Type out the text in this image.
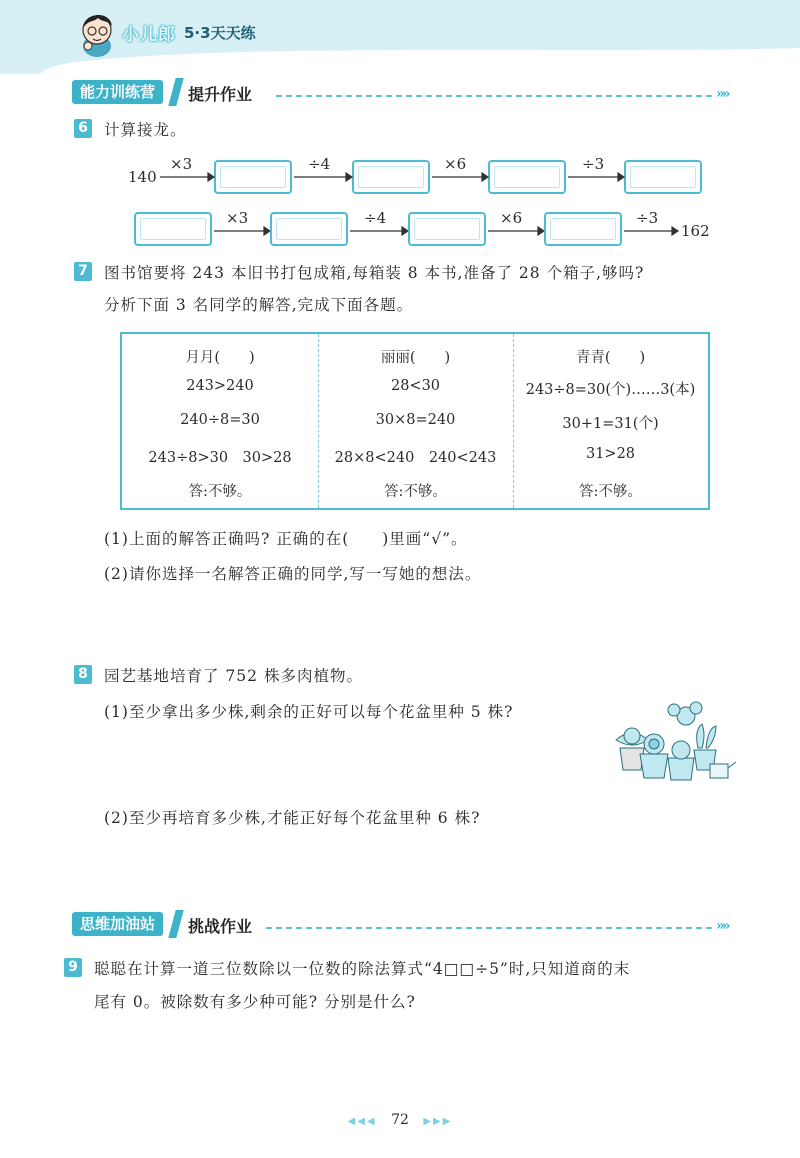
小儿郎 5·3天天练
能力训练营	提升作业	»»
6 计算接龙。
140
×3	÷4	×6	÷3
×3	÷4	×6	÷3
162
7 图书馆要将 243 本旧书打包成箱,每箱装 8 本书,准备了 28 个箱子,够吗?
分析下面 3 名同学的解答,完成下面各题。
月月(　　)
243>240
240÷8=30
243÷8>30　30>28
答:不够。
丽丽(　　)
28<30
30×8=240
28×8<240　240<243
答:不够。
青青(　　)
243÷8=30(个)……3(本)
30+1=31(个)
31>28
答:不够。
(1)上面的解答正确吗? 正确的在(　　)里画“√”。
(2)请你选择一名解答正确的同学,写一写她的想法。
8 园艺基地培育了 752 株多肉植物。
(1)至少拿出多少株,剩余的正好可以每个花盆里种 5 株?
(2)至少再培育多少株,才能正好每个花盆里种 6 株?
思维加油站	挑战作业	»»
9 聪聪在计算一道三位数除以一位数的除法算式“4□□÷5”时,只知道商的末
尾有 0。被除数有多少种可能? 分别是什么?
◀◀◀ 72 ▶▶▶
